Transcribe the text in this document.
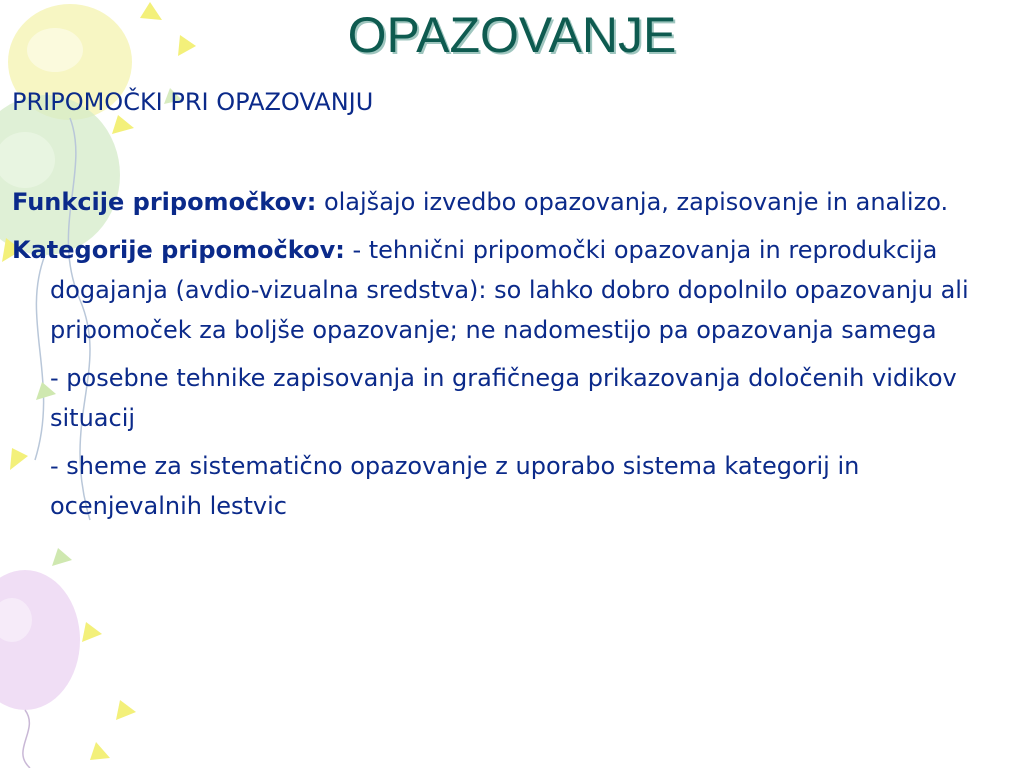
OPAZOVANJE
PRIPOMOČKI PRI OPAZOVANJU

Funkcije pripomočkov: olajšajo izvedbo opazovanja, zapisovanje in analizo.

Kategorije pripomočkov: - tehnični pripomočki opazovanja in reprodukcija dogajanja (avdio-vizualna sredstva): so lahko dobro dopolnilo opazovanju ali pripomoček za boljše opazovanje; ne nadomestijo pa opazovanja samega

- posebne tehnike zapisovanja in grafičnega prikazovanja določenih vidikov situacij

- sheme za sistematično opazovanje z uporabo sistema kategorij in ocenjevalnih lestvic
